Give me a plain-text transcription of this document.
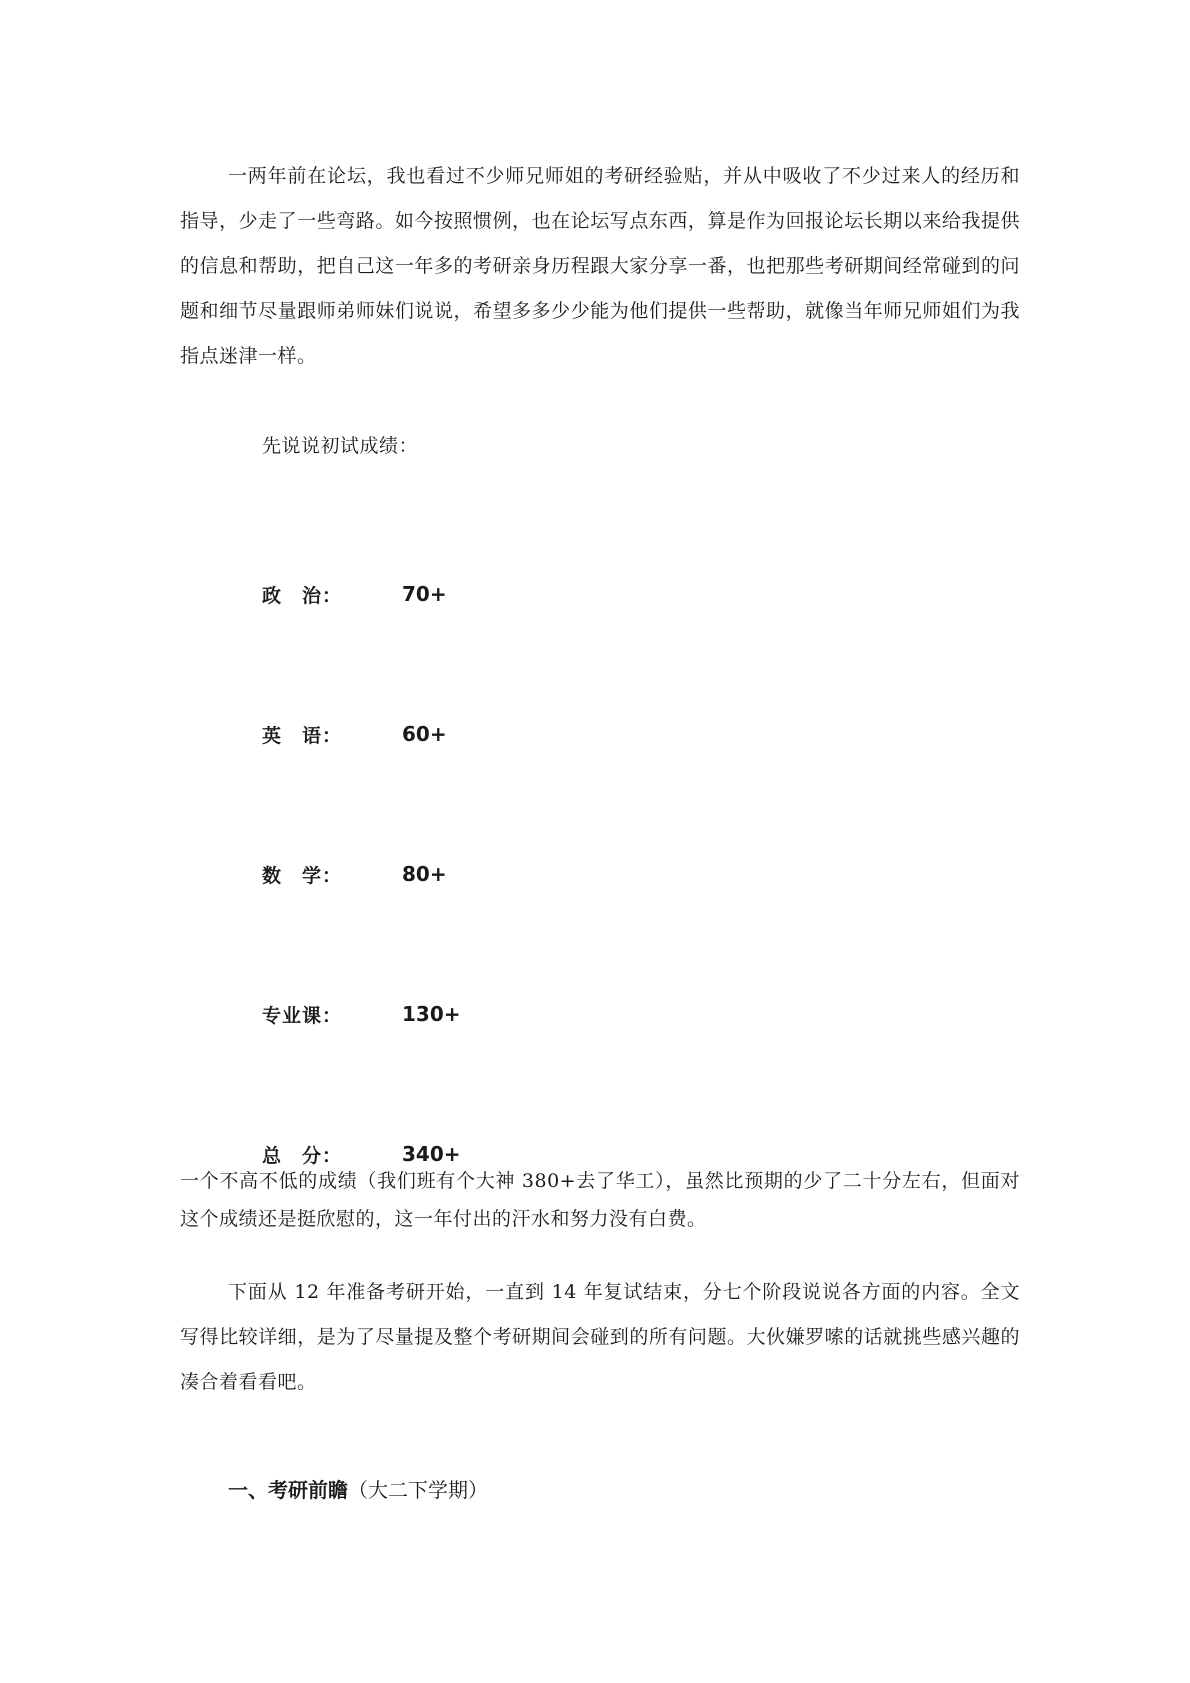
一两年前在论坛，我也看过不少师兄师姐的考研经验贴，并从中吸收了不少过来人的经历和指导，少走了一些弯路。如今按照惯例，也在论坛写点东西，算是作为回报论坛长期以来给我提供的信息和帮助，把自己这一年多的考研亲身历程跟大家分享一番，也把那些考研期间经常碰到的问题和细节尽量跟师弟师妹们说说，希望多多少少能为他们提供一些帮助，就像当年师兄师姐们为我指点迷津一样。

先说说初试成绩：

政　治：	70+
英　语：	60+
数　学：	80+
专业课：	130+
总　分：	340+

一个不高不低的成绩（我们班有个大神 380+去了华工），虽然比预期的少了二十分左右，但面对这个成绩还是挺欣慰的，这一年付出的汗水和努力没有白费。

下面从 12 年准备考研开始，一直到 14 年复试结束，分七个阶段说说各方面的内容。全文写得比较详细，是为了尽量提及整个考研期间会碰到的所有问题。大伙嫌罗嗦的话就挑些感兴趣的凑合着看看吧。

一、考研前瞻（大二下学期）
